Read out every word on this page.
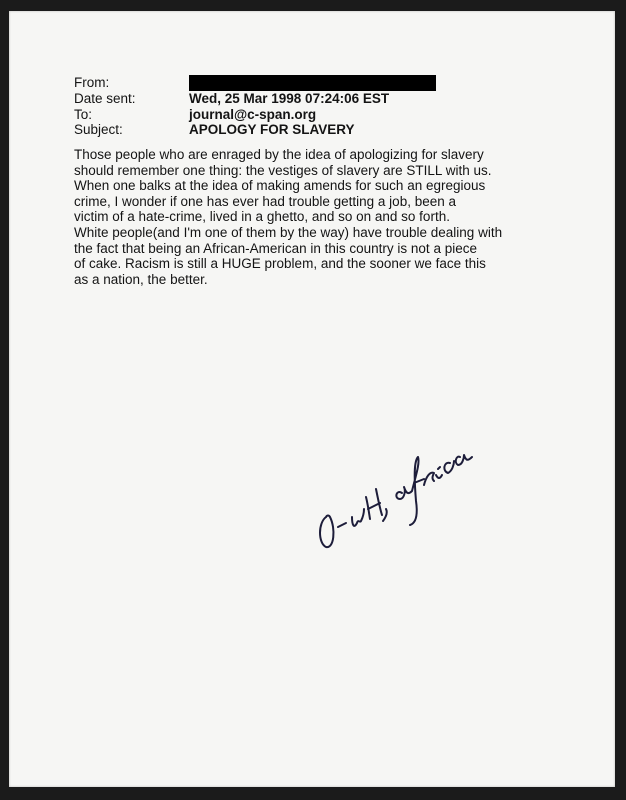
From:
Date sent:	Wed, 25 Mar 1998 07:24:06 EST
To:	journal@c-span.org
Subject:	APOLOGY FOR SLAVERY
Those people who are enraged by the idea of apologizing for slavery
should remember one thing: the vestiges of slavery are STILL with us.
When one balks at the idea of making amends for such an egregious
crime, I wonder if one has ever had trouble getting a job, been a
victim of a hate-crime, lived in a ghetto, and so on and so forth.
White people(and I'm one of them by the way) have trouble dealing with
the fact that being an African-American in this country is not a piece
of cake. Racism is still a HUGE problem, and the sooner we face this
as a nation, the better.
